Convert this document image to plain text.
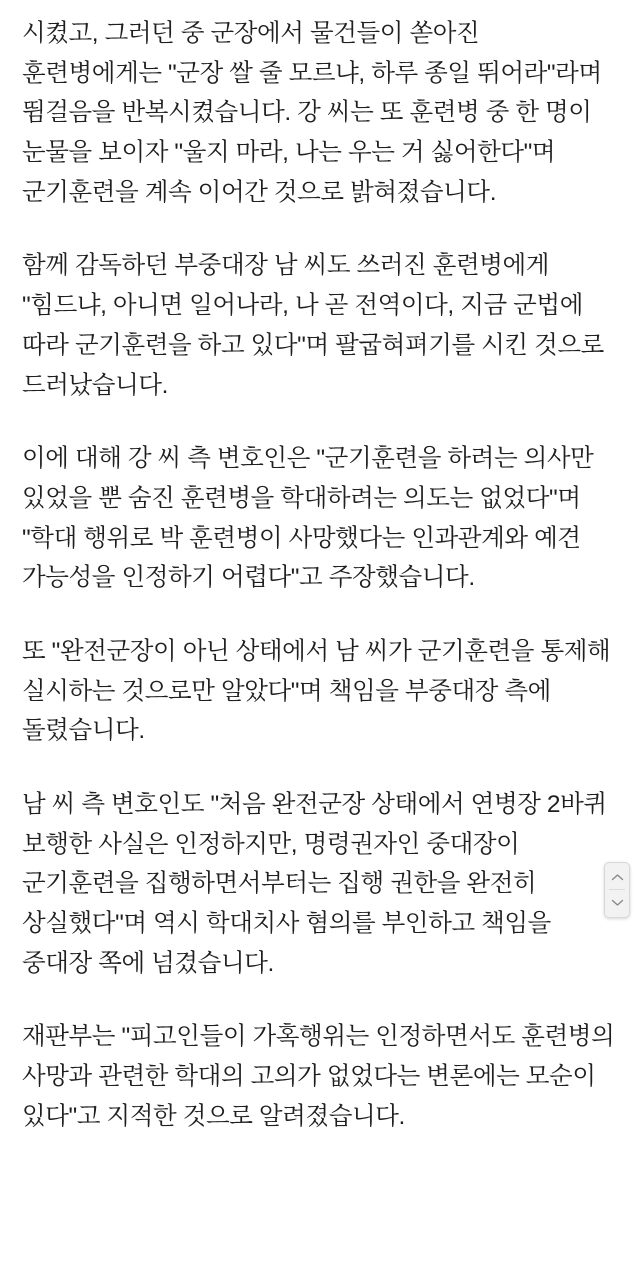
시켰고, 그러던 중 군장에서 물건들이 쏟아진 훈련병에게는 "군장 쌀 줄 모르냐, 하루 종일 뛰어라"라며 뜀걸음을 반복시켰습니다. 강 씨는 또 훈련병 중 한 명이 눈물을 보이자 "울지 마라, 나는 우는 거 싫어한다"며 군기훈련을 계속 이어간 것으로 밝혀졌습니다.

함께 감독하던 부중대장 남 씨도 쓰러진 훈련병에게 "힘드냐, 아니면 일어나라, 나 곧 전역이다, 지금 군법에 따라 군기훈련을 하고 있다"며 팔굽혀펴기를 시킨 것으로 드러났습니다.

이에 대해 강 씨 측 변호인은 "군기훈련을 하려는 의사만 있었을 뿐 숨진 훈련병을 학대하려는 의도는 없었다"며 "학대 행위로 박 훈련병이 사망했다는 인과관계와 예견 가능성을 인정하기 어렵다"고 주장했습니다.

또 "완전군장이 아닌 상태에서 남 씨가 군기훈련을 통제해 실시하는 것으로만 알았다"며 책임을 부중대장 측에 돌렸습니다.

남 씨 측 변호인도 "처음 완전군장 상태에서 연병장 2바퀴 보행한 사실은 인정하지만, 명령권자인 중대장이 군기훈련을 집행하면서부터는 집행 권한을 완전히 상실했다"며 역시 학대치사 혐의를 부인하고 책임을 중대장 쪽에 넘겼습니다.

재판부는 "피고인들이 가혹행위는 인정하면서도 훈련병의 사망과 관련한 학대의 고의가 없었다는 변론에는 모순이 있다"고 지적한 것으로 알려졌습니다.
